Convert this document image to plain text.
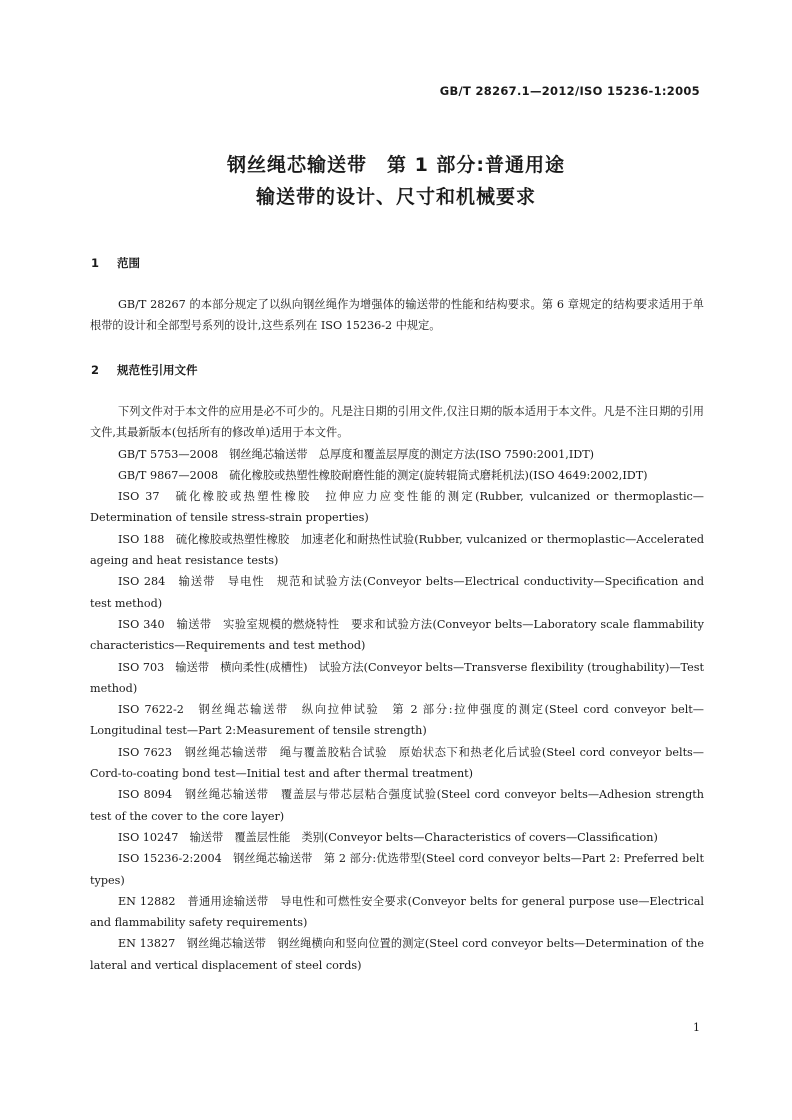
GB/T 28267.1—2012/ISO 15236-1:2005
钢丝绳芯输送带　第 1 部分:普通用途
输送带的设计、尺寸和机械要求
1 范围

GB/T 28267 的本部分规定了以纵向钢丝绳作为增强体的输送带的性能和结构要求。第 6 章规定的结构要求适用于单根带的设计和全部型号系列的设计,这些系列在 ISO 15236-2 中规定。

2 规范性引用文件

下列文件对于本文件的应用是必不可少的。凡是注日期的引用文件,仅注日期的版本适用于本文件。凡是不注日期的引用文件,其最新版本(包括所有的修改单)适用于本文件。

GB/T 5753—2008　钢丝绳芯输送带　总厚度和覆盖层厚度的测定方法(ISO 7590:2001,IDT)

GB/T 9867—2008　硫化橡胶或热塑性橡胶耐磨性能的测定(旋转辊筒式磨耗机法)(ISO 4649:2002,IDT)

ISO 37　硫化橡胶或热塑性橡胶　拉伸应力应变性能的测定(Rubber, vulcanized or thermoplastic—Determination of tensile stress-strain properties)

ISO 188　硫化橡胶或热塑性橡胶　加速老化和耐热性试验(Rubber, vulcanized or thermoplastic—Accelerated ageing and heat resistance tests)

ISO 284　输送带　导电性　规范和试验方法(Conveyor belts—Electrical conductivity—Specification and test method)

ISO 340　输送带　实验室规模的燃烧特性　要求和试验方法(Conveyor belts—Laboratory scale flammability characteristics—Requirements and test method)

ISO 703　输送带　横向柔性(成槽性)　试验方法(Conveyor belts—Transverse flexibility (troughability)—Test method)

ISO 7622-2　钢丝绳芯输送带　纵向拉伸试验　第 2 部分:拉伸强度的测定(Steel cord conveyor belt—Longitudinal test—Part 2:Measurement of tensile strength)

ISO 7623　钢丝绳芯输送带　绳与覆盖胶粘合试验　原始状态下和热老化后试验(Steel cord conveyor belts—Cord-to-coating bond test—Initial test and after thermal treatment)

ISO 8094　钢丝绳芯输送带　覆盖层与带芯层粘合强度试验(Steel cord conveyor belts—Adhesion strength test of the cover to the core layer)

ISO 10247　输送带　覆盖层性能　类别(Conveyor belts—Characteristics of covers—Classification)

ISO 15236-2:2004　钢丝绳芯输送带　第 2 部分:优选带型(Steel cord conveyor belts—Part 2: Preferred belt types)

EN 12882　普通用途输送带　导电性和可燃性安全要求(Conveyor belts for general purpose use—Electrical and flammability safety requirements)

EN 13827　钢丝绳芯输送带　钢丝绳横向和竖向位置的测定(Steel cord conveyor belts—Determination of the lateral and vertical displacement of steel cords)

1
